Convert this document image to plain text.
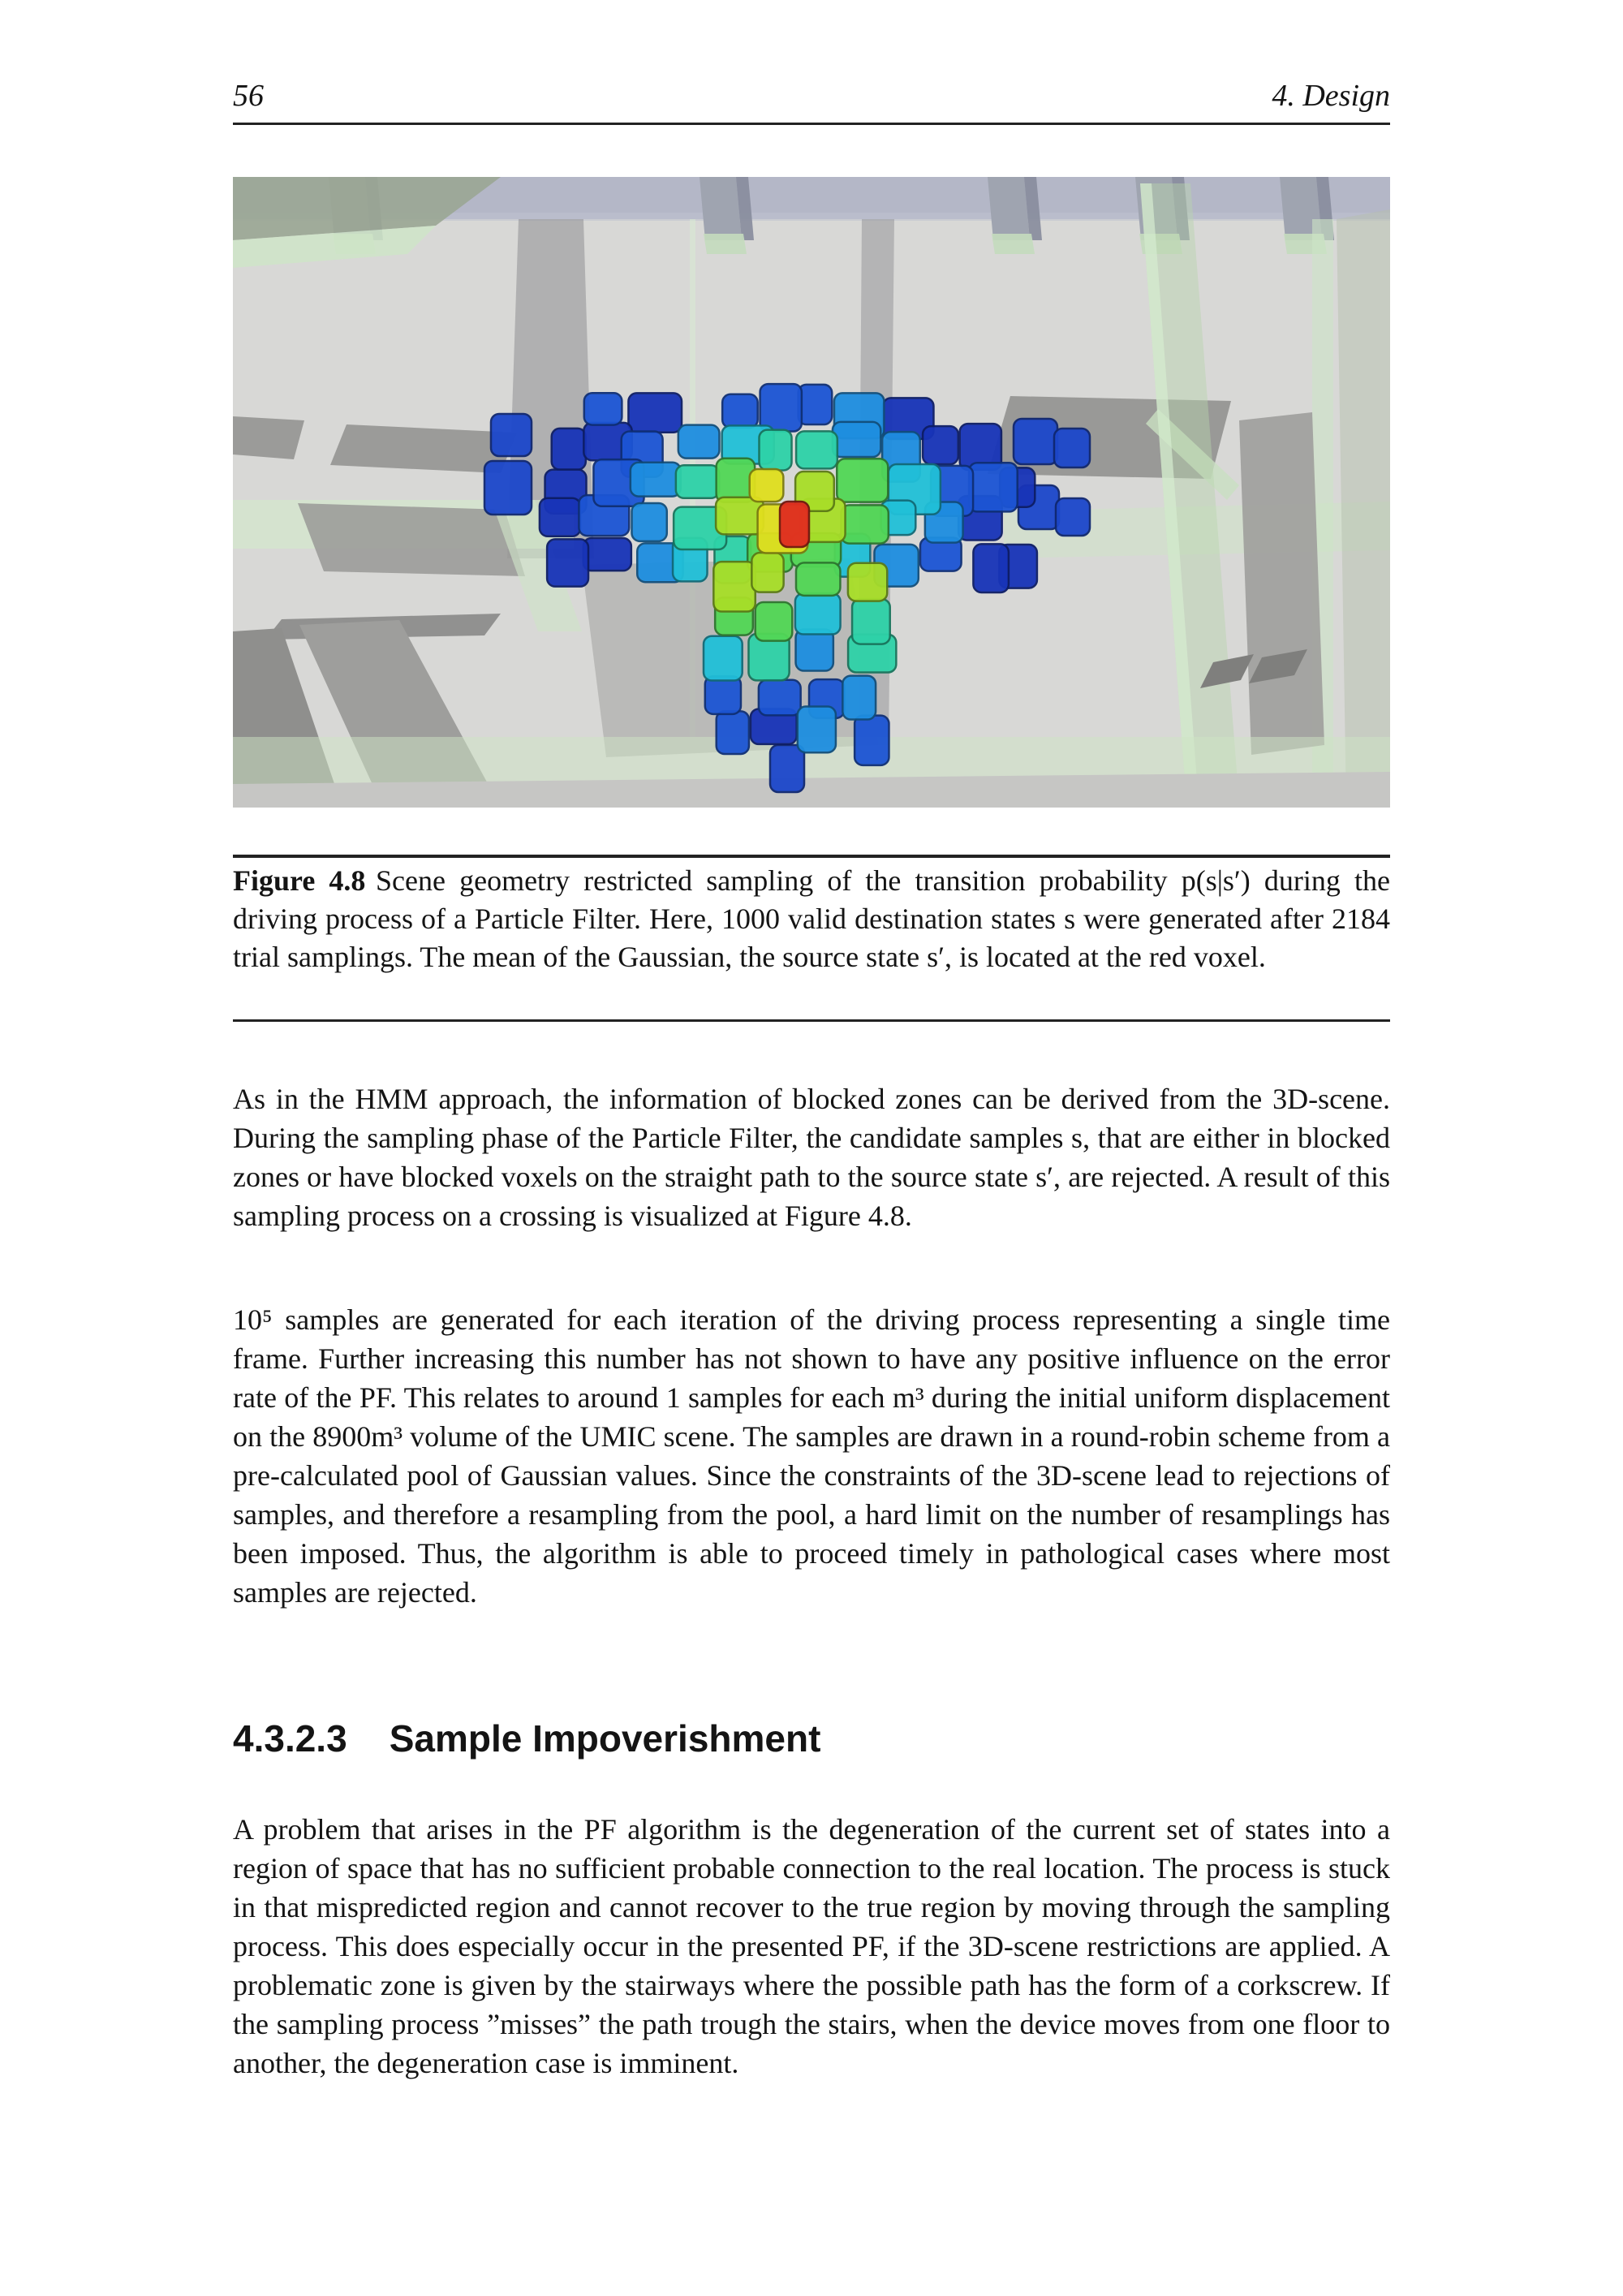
56	4. Design

Figure 4.8 Scene geometry restricted sampling of the transition probability p(s|s′) during the driving process of a Particle Filter. Here, 1000 valid destination states s were generated after 2184 trial samplings. The mean of the Gaussian, the source state s′, is located at the red voxel.

As in the HMM approach, the information of blocked zones can be derived from the 3D-scene. During the sampling phase of the Particle Filter, the candidate samples s, that are either in blocked zones or have blocked voxels on the straight path to the source state s′, are rejected. A result of this sampling process on a crossing is visualized at Figure 4.8.

10⁵ samples are generated for each iteration of the driving process representing a single time frame. Further increasing this number has not shown to have any positive influence on the error rate of the PF. This relates to around 1 samples for each m³ during the initial uniform displacement on the 8900m³ volume of the UMIC scene. The samples are drawn in a round-robin scheme from a pre-calculated pool of Gaussian values. Since the constraints of the 3D-scene lead to rejections of samples, and therefore a resampling from the pool, a hard limit on the number of resamplings has been imposed. Thus, the algorithm is able to proceed timely in pathological cases where most samples are rejected.

4.3.2.3 Sample Impoverishment

A problem that arises in the PF algorithm is the degeneration of the current set of states into a region of space that has no sufficient probable connection to the real location. The process is stuck in that mispredicted region and cannot recover to the true region by moving through the sampling process. This does especially occur in the presented PF, if the 3D-scene restrictions are applied. A problematic zone is given by the stairways where the possible path has the form of a corkscrew. If the sampling process ”misses” the path trough the stairs, when the device moves from one floor to another, the degeneration case is imminent.
